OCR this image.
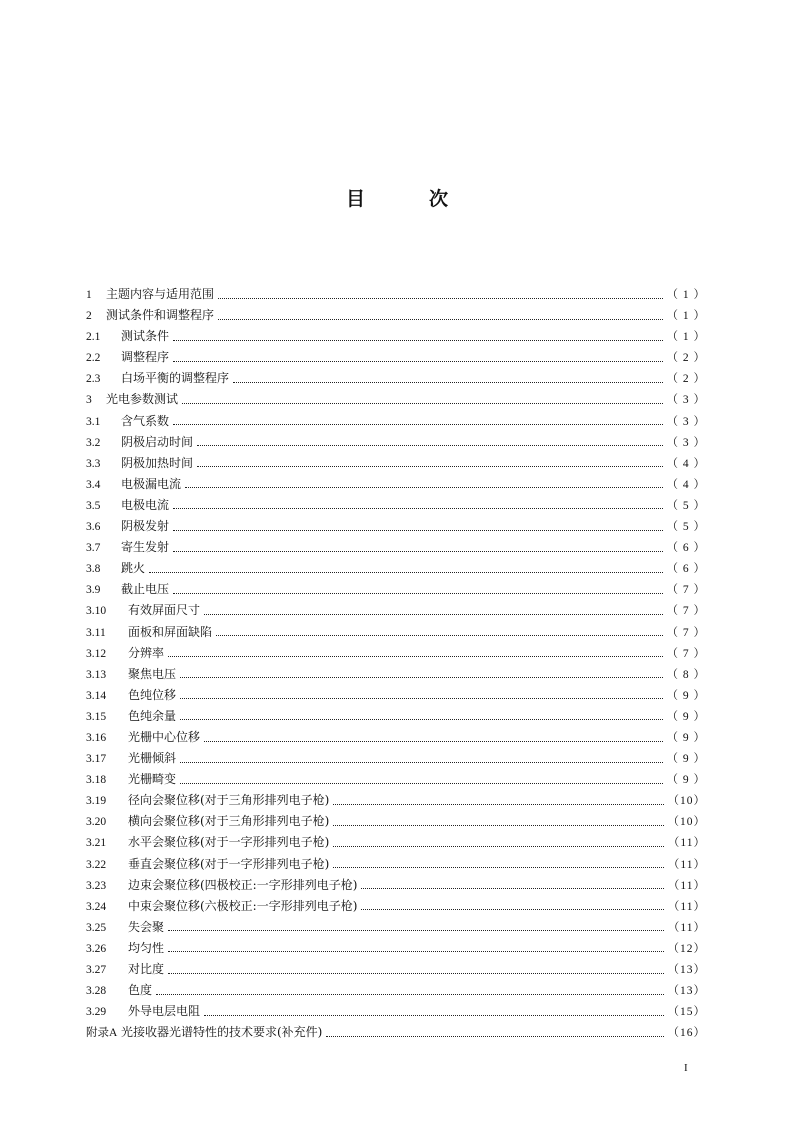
目	次
1	主题内容与适用范围	（ 1 ）
2	测试条件和调整程序	（ 1 ）
2.1	测试条件	（ 1 ）
2.2	调整程序	（ 2 ）
2.3	白场平衡的调整程序	（ 2 ）
3	光电参数测试	（ 3 ）
3.1	含气系数	（ 3 ）
3.2	阴极启动时间	（ 3 ）
3.3	阴极加热时间	（ 4 ）
3.4	电极漏电流	（ 4 ）
3.5	电极电流	（ 5 ）
3.6	阴极发射	（ 5 ）
3.7	寄生发射	（ 6 ）
3.8	跳火	（ 6 ）
3.9	截止电压	（ 7 ）
3.10	有效屏面尺寸	（ 7 ）
3.11	面板和屏面缺陷	（ 7 ）
3.12	分辨率	（ 7 ）
3.13	聚焦电压	（ 8 ）
3.14	色纯位移	（ 9 ）
3.15	色纯余量	（ 9 ）
3.16	光栅中心位移	（ 9 ）
3.17	光栅倾斜	（ 9 ）
3.18	光栅畸变	（ 9 ）
3.19	径向会聚位移(对于三角形排列电子枪)	（10）
3.20	横向会聚位移(对于三角形排列电子枪)	（10）
3.21	水平会聚位移(对于一字形排列电子枪)	（11）
3.22	垂直会聚位移(对于一字形排列电子枪)	（11）
3.23	边束会聚位移(四极校正:一字形排列电子枪)	（11）
3.24	中束会聚位移(六极校正:一字形排列电子枪)	（11）
3.25	失会聚	（11）
3.26	均匀性	（12）
3.27	对比度	（13）
3.28	色度	（13）
3.29	外导电层电阻	（15）
附录A 光接收器光谱特性的技术要求(补充件)	（16）
I
